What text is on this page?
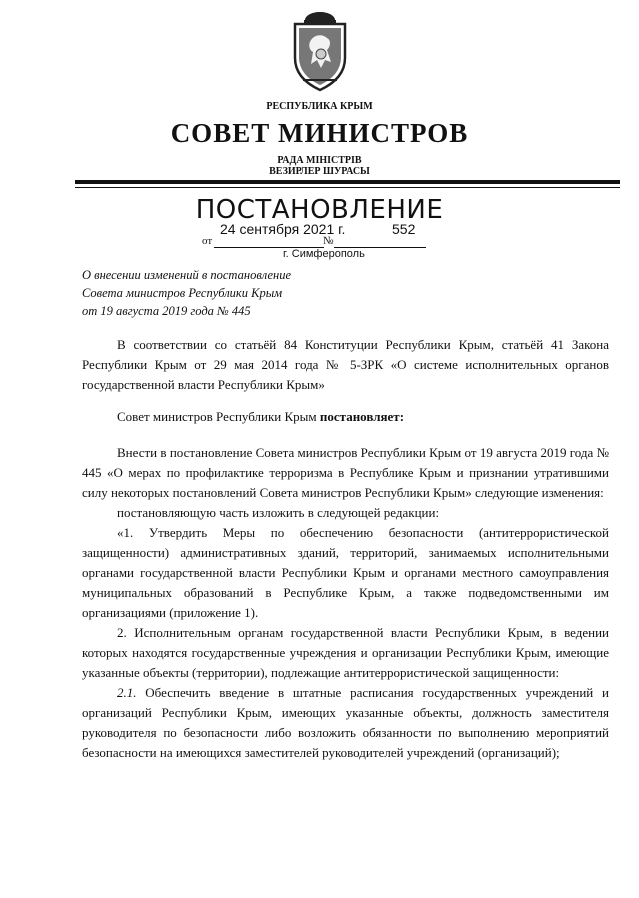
РЕСПУБЛИКА КРЫМ
СОВЕТ МИНИСТРОВ
РАДА МІНІСТРІВ
ВЕЗИРЛЕР ШУРАСЫ
ПОСТАНОВЛЕНИЕ
24 сентября 2021 г.	552
от	№
г. Симферополь
О внесении изменений в постановление
Совета министров Республики Крым
от 19 августа 2019 года № 445

В соответствии со статьёй 84 Конституции Республики Крым, статьёй 41 Закона Республики Крым от 29 мая 2014 года № 5-ЗРК «О системе исполнительных органов государственной власти Республики Крым»

Совет министров Республики Крым постановляет:

Внести в постановление Совета министров Республики Крым от 19 августа 2019 года № 445 «О мерах по профилактике терроризма в Республике Крым и признании утратившими силу некоторых постановлений Совета министров Республики Крым» следующие изменения:

постановляющую часть изложить в следующей редакции:

«1. Утвердить Меры по обеспечению безопасности (антитеррористической защищенности) административных зданий, территорий, занимаемых исполнительными органами государственной власти Республики Крым и органами местного самоуправления муниципальных образований в Республике Крым, а также подведомственными им организациями (приложение 1).

2. Исполнительным органам государственной власти Республики Крым, в ведении которых находятся государственные учреждения и организации Республики Крым, имеющие указанные объекты (территории), подлежащие антитеррористической защищенности:

2.1. Обеспечить введение в штатные расписания государственных учреждений и организаций Республики Крым, имеющих указанные объекты, должность заместителя руководителя по безопасности либо возложить обязанности по выполнению мероприятий безопасности на имеющихся заместителей руководителей учреждений (организаций);
